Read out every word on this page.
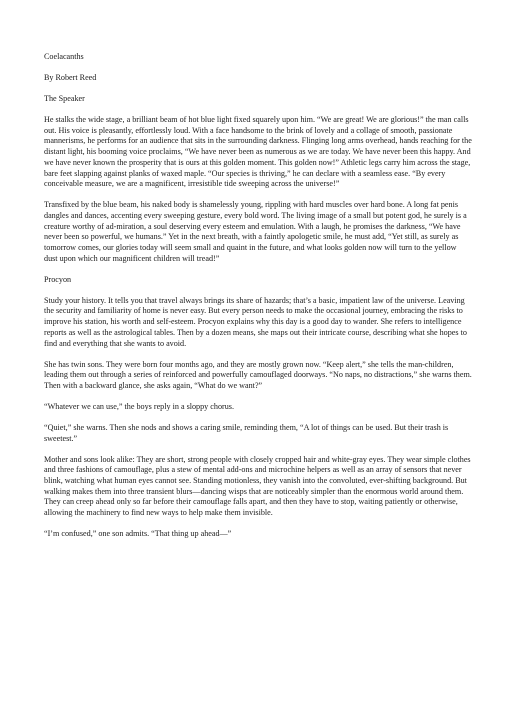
Coelacanths

By Robert Reed

The Speaker

He stalks the wide stage, a brilliant beam of hot blue light fixed squarely upon him. “We are great! We are glorious!” the man calls out. His voice is pleasantly, effortlessly loud. With a face handsome to the brink of lovely and a collage of smooth, passionate mannerisms, he performs for an audience that sits in the surrounding darkness. Flinging long arms overhead, hands reaching for the distant light, his booming voice proclaims, “We have never been as numerous as we are today. We have never been this happy. And we have never known the prosperity that is ours at this golden moment. This golden now!” Athletic legs carry him across the stage, bare feet slapping against planks of waxed maple. “Our species is thriving,” he can declare with a seamless ease. “By every conceivable measure, we are a magnificent, irresistible tide sweeping across the universe!”

Transfixed by the blue beam, his naked body is shamelessly young, rippling with hard muscles over hard bone. A long fat penis dangles and dances, accenting every sweeping gesture, every bold word. The living image of a small but potent god, he surely is a creature worthy of ad-miration, a soul deserving every esteem and emulation. With a laugh, he promises the darkness, “We have never been so powerful, we humans.” Yet in the next breath, with a faintly apologetic smile, he must add, “Yet still, as surely as tomorrow comes, our glories today will seem small and quaint in the future, and what looks golden now will turn to the yellow dust upon which our magnificent children will tread!”

Procyon

Study your history. It tells you that travel always brings its share of hazards; that’s a basic, impatient law of the universe. Leaving the security and familiarity of home is never easy. But every person needs to make the occasional journey, embracing the risks to improve his station, his worth and self-esteem. Procyon explains why this day is a good day to wander. She refers to intelligence reports as well as the astrological tables. Then by a dozen means, she maps out their intricate course, describing what she hopes to find and everything that she wants to avoid.

She has twin sons. They were born four months ago, and they are mostly grown now. “Keep alert,” she tells the man-children, leading them out through a series of reinforced and powerfully camouflaged doorways. “No naps, no distractions,” she warns them. Then with a backward glance, she asks again, “What do we want?”

“Whatever we can use,” the boys reply in a sloppy chorus.

“Quiet,” she warns. Then she nods and shows a caring smile, reminding them, “A lot of things can be used. But their trash is sweetest.”

Mother and sons look alike: They are short, strong people with closely cropped hair and white-gray eyes. They wear simple clothes and three fashions of camouflage, plus a stew of mental add-ons and microchine helpers as well as an array of sensors that never blink, watching what human eyes cannot see. Standing motionless, they vanish into the convoluted, ever-shifting background. But walking makes them into three transient blurs—dancing wisps that are noticeably simpler than the enormous world around them. They can creep ahead only so far before their camouflage falls apart, and then they have to stop, waiting patiently or otherwise, allowing the machinery to find new ways to help make them invisible.

“I’m confused,” one son admits. “That thing up ahead—”
